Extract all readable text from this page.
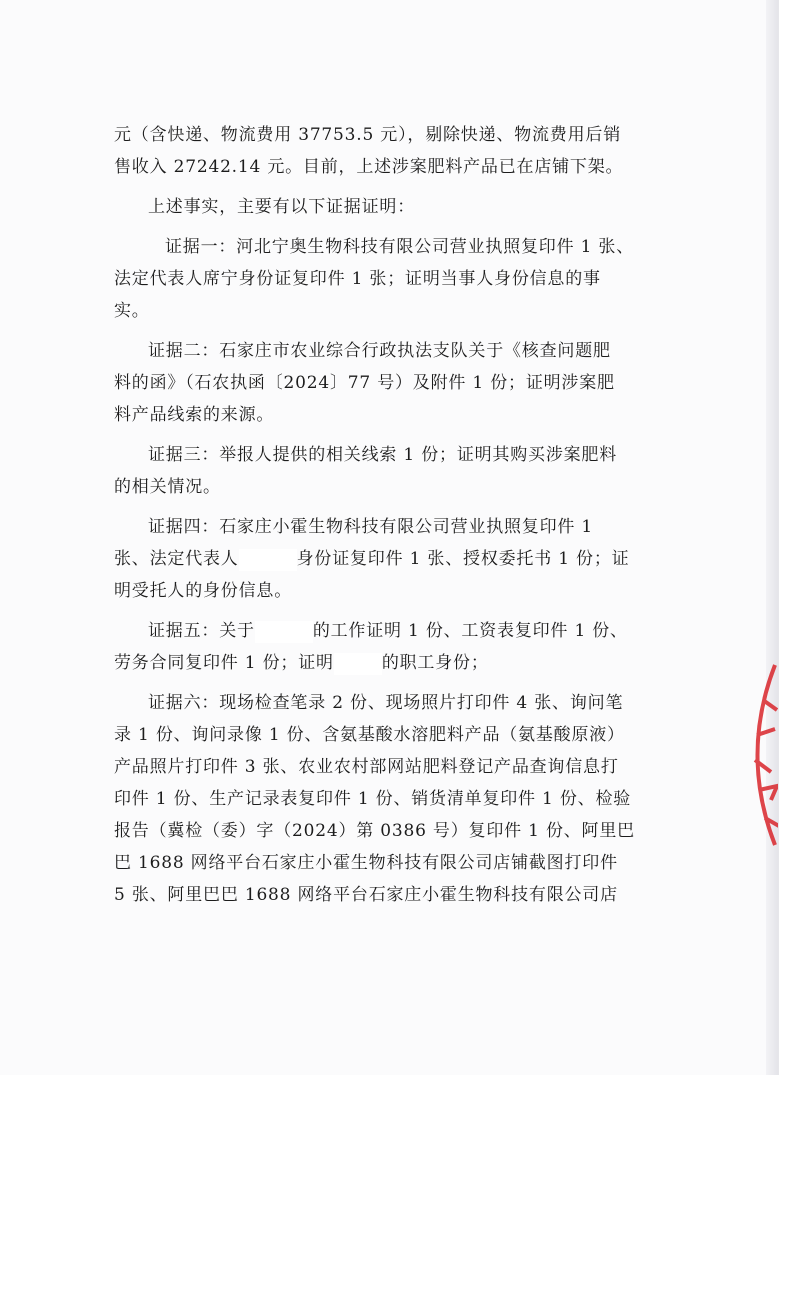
元（含快递、物流费用 37753.5 元），剔除快递、物流费用后销
售收入 27242.14 元。目前，上述涉案肥料产品已在店铺下架。

上述事实，主要有以下证据证明：

证据一：河北宁奥生物科技有限公司营业执照复印件 1 张、
法定代表人席宁身份证复印件 1 张；证明当事人身份信息的事
实。

证据二：石家庄市农业综合行政执法支队关于《核查问题肥
料的函》（石农执函〔2024〕77 号）及附件 1 份；证明涉案肥
料产品线索的来源。

证据三：举报人提供的相关线索 1 份；证明其购买涉案肥料
的相关情况。

证据四：石家庄小霍生物科技有限公司营业执照复印件 1
张、法定代表人	身份证复印件 1 张、授权委托书 1 份；证
明受托人的身份信息。

证据五：关于	的工作证明 1 份、工资表复印件 1 份、
劳务合同复印件 1 份；证明	的职工身份；

证据六：现场检查笔录 2 份、现场照片打印件 4 张、询问笔
录 1 份、询问录像 1 份、含氨基酸水溶肥料产品（氨基酸原液）
产品照片打印件 3 张、农业农村部网站肥料登记产品查询信息打
印件 1 份、生产记录表复印件 1 份、销货清单复印件 1 份、检验
报告（冀检（委）字（2024）第 0386 号）复印件 1 份、阿里巴
巴 1688 网络平台石家庄小霍生物科技有限公司店铺截图打印件
5 张、阿里巴巴 1688 网络平台石家庄小霍生物科技有限公司店
